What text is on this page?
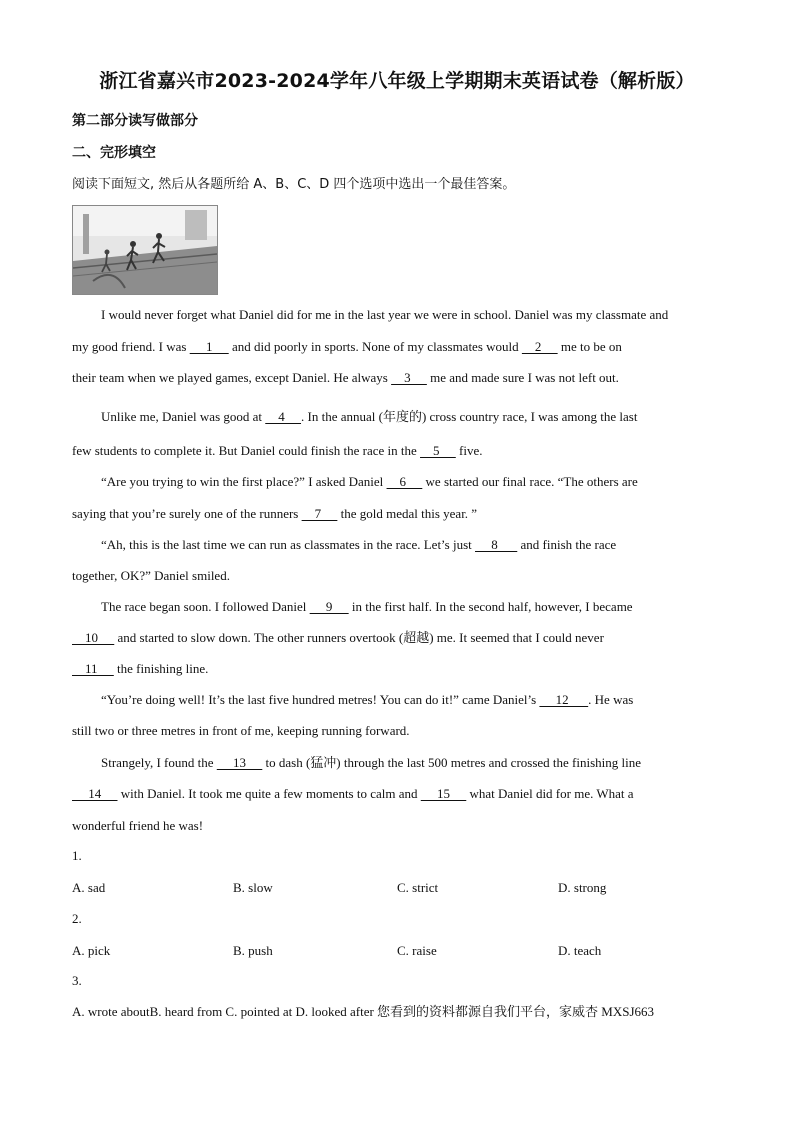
浙江省嘉兴市2023-2024学年八年级上学期期末英语试卷（解析版）
第二部分读写做部分
二、完形填空
阅读下面短文, 然后从各题所给 A、B、C、D 四个选项中选出一个最佳答案。
I would never forget what Daniel did for me in the last year we were in school. Daniel was my classmate and
my good friend. I was      1      and did poorly in sports. None of my classmates would     2      me to be on
their team when we played games, except Daniel. He always     3      me and made sure I was not left out.
Unlike me, Daniel was good at     4     . In the annual (年度的) cross country race, I was among the last
few students to complete it. But Daniel could finish the race in the     5      five.
“Are you trying to win the first place?” I asked Daniel     6      we started our final race. “The others are
saying that you’re surely one of the runners     7      the gold medal this year. ”
“Ah, this is the last time we can run as classmates in the race. Let’s just      8       and finish the race
together, OK?” Daniel smiled.
The race began soon. I followed Daniel      9      in the first half. In the second half, however, I became
10      and started to slow down. The other runners overtook (超越) me. It seemed that I could never
11      the finishing line.
“You’re doing well! It’s the last five hundred metres! You can do it!” came Daniel’s      12      . He was
still two or three metres in front of me, keeping running forward.
Strangely, I found the      13      to dash (猛冲) through the last 500 metres and crossed the finishing line
14      with Daniel. It took me quite a few moments to calm and      15      what Daniel did for me. What a
wonderful friend he was!
1.
A. sad	B. slow	C. strict	D. strong
2.
A. pick	B. push	C. raise	D. teach
3.
A. wrote aboutB. heard from C. pointed at D. looked after 您看到的资料都源自我们平台，家威杏 MXSJ663
